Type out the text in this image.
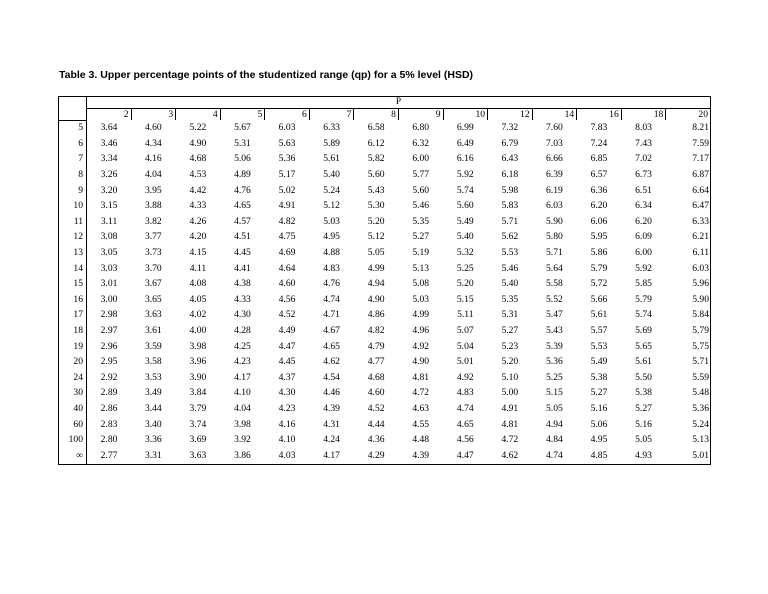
Table 3. Upper percentage points of the studentized range (qp) for a 5% level (HSD)
	P													
	2	3	4	5	6	7	8	9	10	12	14	16	18	20
5	3.64	4.60	5.22	5.67	6.03	6.33	6.58	6.80	6.99	7.32	7.60	7.83	8.03	8.21
6	3.46	4.34	4.90	5.31	5.63	5.89	6.12	6.32	6.49	6.79	7.03	7.24	7.43	7.59
7	3.34	4.16	4.68	5.06	5.36	5.61	5.82	6.00	6.16	6.43	6.66	6.85	7.02	7.17
8	3.26	4.04	4.53	4.89	5.17	5.40	5.60	5.77	5.92	6.18	6.39	6.57	6.73	6.87
9	3.20	3.95	4.42	4.76	5.02	5.24	5.43	5.60	5.74	5.98	6.19	6.36	6.51	6.64
10	3.15	3.88	4.33	4.65	4.91	5.12	5.30	5.46	5.60	5.83	6.03	6.20	6.34	6.47
11	3.11	3.82	4.26	4.57	4.82	5.03	5.20	5.35	5.49	5.71	5.90	6.06	6.20	6.33
12	3.08	3.77	4.20	4.51	4.75	4.95	5.12	5.27	5.40	5.62	5.80	5.95	6.09	6.21
13	3.05	3.73	4.15	4.45	4.69	4.88	5.05	5.19	5.32	5.53	5.71	5.86	6.00	6.11
14	3.03	3.70	4.11	4.41	4.64	4.83	4.99	5.13	5.25	5.46	5.64	5.79	5.92	6.03
15	3.01	3.67	4.08	4.38	4.60	4.76	4.94	5.08	5.20	5.40	5.58	5.72	5.85	5.96
16	3.00	3.65	4.05	4.33	4.56	4.74	4.90	5.03	5.15	5.35	5.52	5.66	5.79	5.90
17	2.98	3.63	4.02	4.30	4.52	4.71	4.86	4.99	5.11	5.31	5.47	5.61	5.74	5.84
18	2.97	3.61	4.00	4.28	4.49	4.67	4.82	4.96	5.07	5.27	5.43	5.57	5.69	5.79
19	2.96	3.59	3.98	4.25	4.47	4.65	4.79	4.92	5.04	5.23	5.39	5.53	5.65	5.75
20	2.95	3.58	3.96	4.23	4.45	4.62	4.77	4.90	5.01	5.20	5.36	5.49	5.61	5.71
24	2.92	3.53	3.90	4.17	4.37	4.54	4.68	4.81	4.92	5.10	5.25	5.38	5.50	5.59
30	2.89	3.49	3.84	4.10	4.30	4.46	4.60	4.72	4.83	5.00	5.15	5.27	5.38	5.48
40	2.86	3.44	3.79	4.04	4.23	4.39	4.52	4.63	4.74	4.91	5.05	5.16	5.27	5.36
60	2.83	3.40	3.74	3.98	4.16	4.31	4.44	4.55	4.65	4.81	4.94	5.06	5.16	5.24
100	2.80	3.36	3.69	3.92	4.10	4.24	4.36	4.48	4.56	4.72	4.84	4.95	5.05	5.13
∞	2.77	3.31	3.63	3.86	4.03	4.17	4.29	4.39	4.47	4.62	4.74	4.85	4.93	5.01
